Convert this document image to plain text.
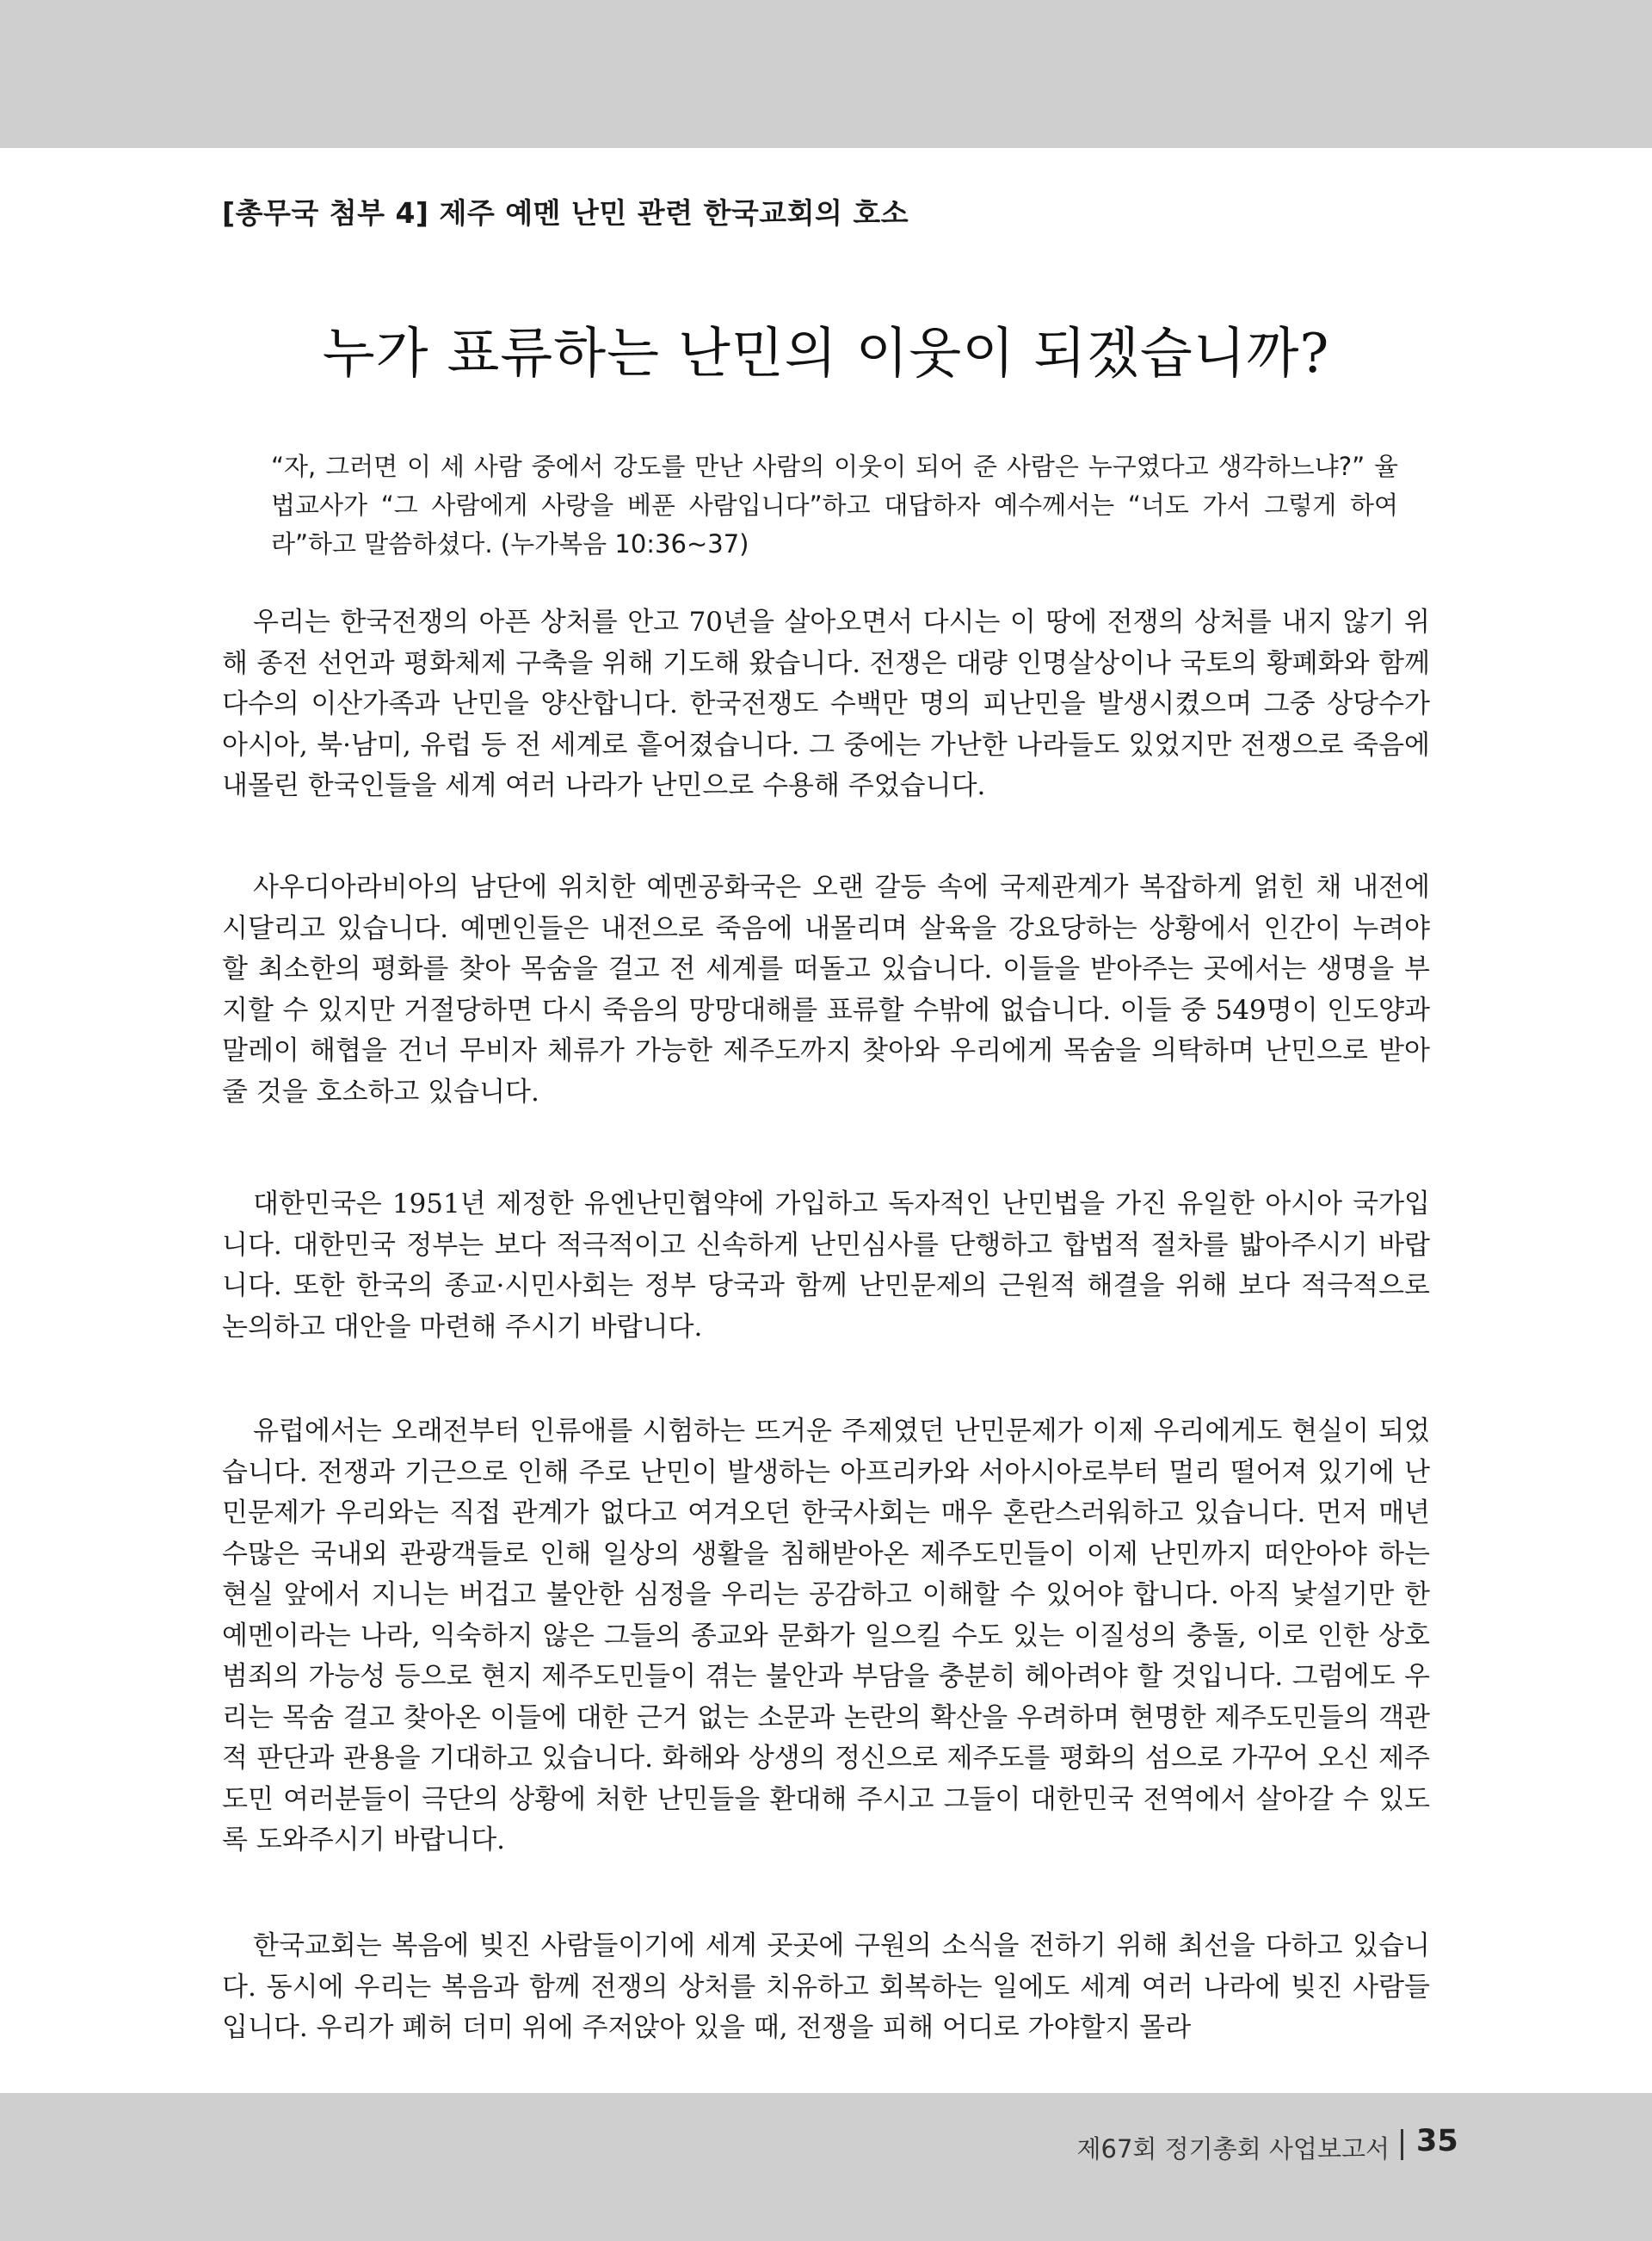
[총무국 첨부 4] 제주 예멘 난민 관련 한국교회의 호소
누가 표류하는 난민의 이웃이 되겠습니까?
“자, 그러면 이 세 사람 중에서 강도를 만난 사람의 이웃이 되어 준 사람은 누구였다고 생각하느냐?” 율법교사가 “그 사람에게 사랑을 베푼 사람입니다”하고 대답하자 예수께서는 “너도 가서 그렇게 하여라”하고 말씀하셨다. (누가복음 10:36~37)
우리는 한국전쟁의 아픈 상처를 안고 70년을 살아오면서 다시는 이 땅에 전쟁의 상처를 내지 않기 위해 종전 선언과 평화체제 구축을 위해 기도해 왔습니다. 전쟁은 대량 인명살상이나 국토의 황폐화와 함께 다수의 이산가족과 난민을 양산합니다. 한국전쟁도 수백만 명의 피난민을 발생시켰으며 그중 상당수가 아시아, 북·남미, 유럽 등 전 세계로 흩어졌습니다. 그 중에는 가난한 나라들도 있었지만 전쟁으로 죽음에 내몰린 한국인들을 세계 여러 나라가 난민으로 수용해 주었습니다.
사우디아라비아의 남단에 위치한 예멘공화국은 오랜 갈등 속에 국제관계가 복잡하게 얽힌 채 내전에 시달리고 있습니다. 예멘인들은 내전으로 죽음에 내몰리며 살육을 강요당하는 상황에서 인간이 누려야 할 최소한의 평화를 찾아 목숨을 걸고 전 세계를 떠돌고 있습니다. 이들을 받아주는 곳에서는 생명을 부지할 수 있지만 거절당하면 다시 죽음의 망망대해를 표류할 수밖에 없습니다. 이들 중 549명이 인도양과 말레이 해협을 건너 무비자 체류가 가능한 제주도까지 찾아와 우리에게 목숨을 의탁하며 난민으로 받아줄 것을 호소하고 있습니다.
대한민국은 1951년 제정한 유엔난민협약에 가입하고 독자적인 난민법을 가진 유일한 아시아 국가입니다. 대한민국 정부는 보다 적극적이고 신속하게 난민심사를 단행하고 합법적 절차를 밟아주시기 바랍니다. 또한 한국의 종교·시민사회는 정부 당국과 함께 난민문제의 근원적 해결을 위해 보다 적극적으로 논의하고 대안을 마련해 주시기 바랍니다.
유럽에서는 오래전부터 인류애를 시험하는 뜨거운 주제였던 난민문제가 이제 우리에게도 현실이 되었습니다. 전쟁과 기근으로 인해 주로 난민이 발생하는 아프리카와 서아시아로부터 멀리 떨어져 있기에 난민문제가 우리와는 직접 관계가 없다고 여겨오던 한국사회는 매우 혼란스러워하고 있습니다. 먼저 매년 수많은 국내외 관광객들로 인해 일상의 생활을 침해받아온 제주도민들이 이제 난민까지 떠안아야 하는 현실 앞에서 지니는 버겁고 불안한 심정을 우리는 공감하고 이해할 수 있어야 합니다. 아직 낯설기만 한 예멘이라는 나라, 익숙하지 않은 그들의 종교와 문화가 일으킬 수도 있는 이질성의 충돌, 이로 인한 상호 범죄의 가능성 등으로 현지 제주도민들이 겪는 불안과 부담을 충분히 헤아려야 할 것입니다. 그럼에도 우리는 목숨 걸고 찾아온 이들에 대한 근거 없는 소문과 논란의 확산을 우려하며 현명한 제주도민들의 객관적 판단과 관용을 기대하고 있습니다. 화해와 상생의 정신으로 제주도를 평화의 섬으로 가꾸어 오신 제주도민 여러분들이 극단의 상황에 처한 난민들을 환대해 주시고 그들이 대한민국 전역에서 살아갈 수 있도록 도와주시기 바랍니다.
한국교회는 복음에 빚진 사람들이기에 세계 곳곳에 구원의 소식을 전하기 위해 최선을 다하고 있습니다. 동시에 우리는 복음과 함께 전쟁의 상처를 치유하고 회복하는 일에도 세계 여러 나라에 빚진 사람들입니다. 우리가 폐허 더미 위에 주저앉아 있을 때, 전쟁을 피해 어디로 가야할지 몰라
제67회 정기총회 사업보고서 35
